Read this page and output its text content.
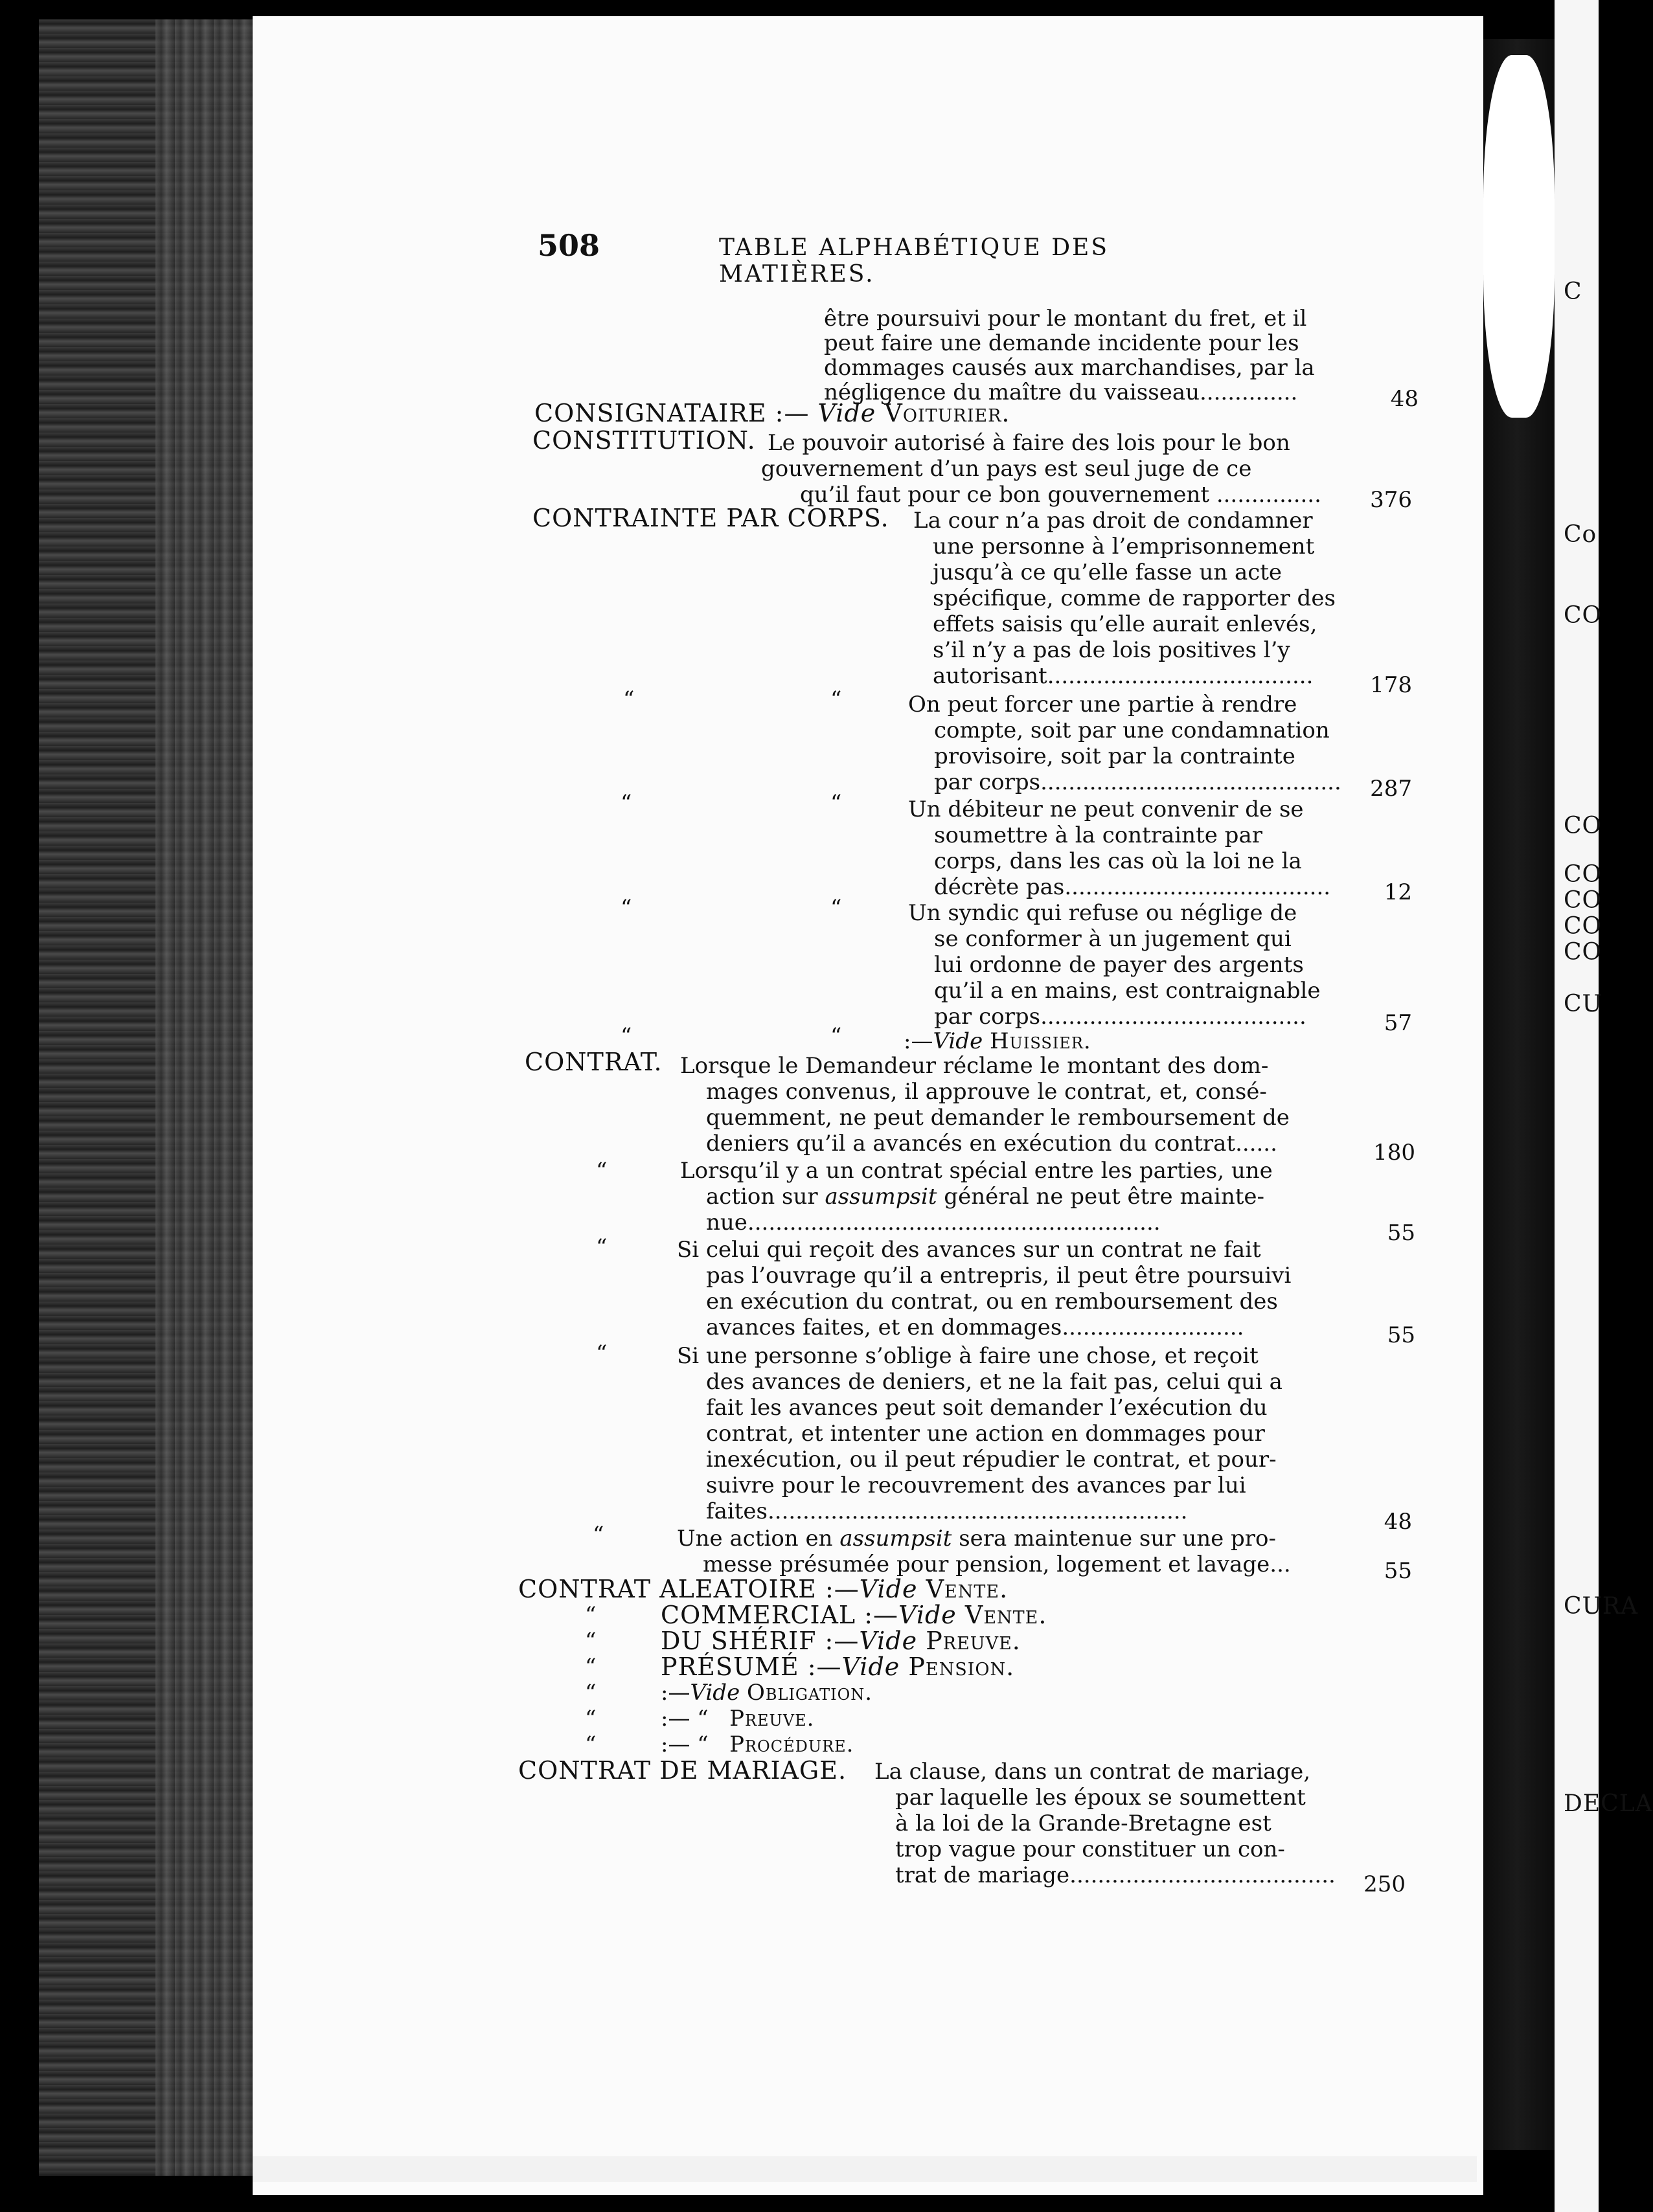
C
Co
CO
CO
CO
CO
CO
CO
CU
CURA
DECLA
508	TABLE ALPHABÉTIQUE DES MATIÈRES.
être poursuivi pour le montant du fret, et il
peut faire une demande incidente pour les
dommages causés aux marchandises, par la
négligence du maître du vaisseau..............	48
CONSIGNATAIRE :— Vide Voiturier.
CONSTITUTION. Le pouvoir autorisé à faire des lois pour le bon
gouvernement d’un pays est seul juge de ce
qu’il faut pour ce bon gouvernement ...............	376
CONTRAINTE PAR CORPS. La cour n’a pas droit de condamner
une personne à l’emprisonnement
jusqu’à ce qu’elle fasse un acte
spécifique, comme de rapporter des
effets saisis qu’elle aurait enlevés,
s’il n’y a pas de lois positives l’y
autorisant......................................	178
“	“	On peut forcer une partie à rendre
compte, soit par une condamnation
provisoire, soit par la contrainte
par corps...........................................	287
“	“	Un débiteur ne peut convenir de se
soumettre à la contrainte par
corps, dans les cas où la loi ne la
décrète pas......................................	12
“	“	Un syndic qui refuse ou néglige de
se conformer à un jugement qui
lui ordonne de payer des argents
qu’il a en mains, est contraignable
par corps......................................	57
“	“	:—Vide Huissier.
CONTRAT. Lorsque le Demandeur réclame le montant des dom-
mages convenus, il approuve le contrat, et, consé-
quemment, ne peut demander le remboursement de
deniers qu’il a avancés en exécution du contrat......	180
“	Lorsqu’il y a un contrat spécial entre les parties, une
action sur assumpsit général ne peut être mainte-
nue...........................................................	55
“	Si celui qui reçoit des avances sur un contrat ne fait
pas l’ouvrage qu’il a entrepris, il peut être poursuivi
en exécution du contrat, ou en remboursement des
avances faites, et en dommages..........................	55
“	Si une personne s’oblige à faire une chose, et reçoit
des avances de deniers, et ne la fait pas, celui qui a
fait les avances peut soit demander l’exécution du
contrat, et intenter une action en dommages pour
inexécution, ou il peut répudier le contrat, et pour-
suivre pour le recouvrement des avances par lui
faites............................................................	48
“	Une action en assumpsit sera maintenue sur une pro-
messe présumée pour pension, logement et lavage...	55
CONTRAT ALEATOIRE :—Vide Vente.
“	COMMERCIAL :—Vide Vente.
“	DU SHÉRIF :—Vide Preuve.
“	PRÉSUMÉ :—Vide Pension.
“	:—Vide Obligation.
“	:— “ Preuve.
“	:— “ Procédure.
CONTRAT DE MARIAGE. La clause, dans un contrat de mariage,
par laquelle les époux se soumettent
à la loi de la Grande-Bretagne est
trop vague pour constituer un con-
trat de mariage......................................	250
